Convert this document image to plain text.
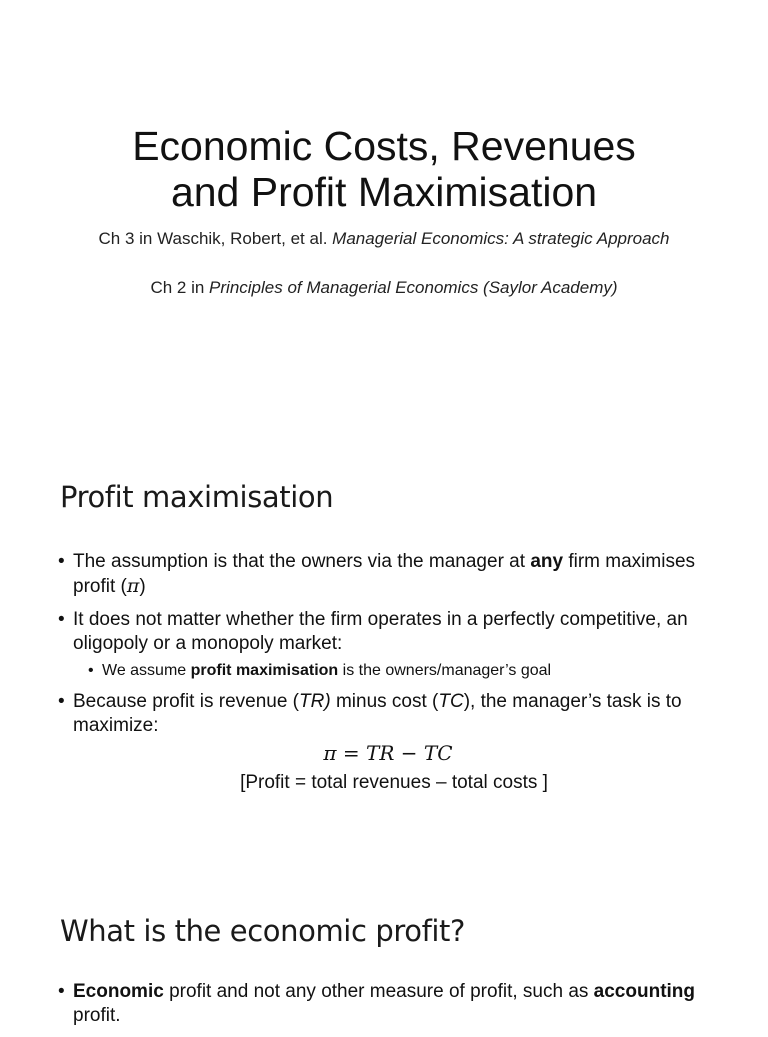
Economic Costs, Revenues
and Profit Maximisation
Ch 3 in Waschik, Robert, et al. Managerial Economics: A strategic Approach
Ch 2 in Principles of Managerial Economics (Saylor Academy)
Profit maximisation
• The assumption is that the owners via the manager at any firm maximises profit (π)
• It does not matter whether the firm operates in a perfectly competitive, an oligopoly or a monopoly market:
• We assume profit maximisation is the owners/manager’s goal
• Because profit is revenue (TR) minus cost (TC), the manager’s task is to maximize:
π = TR − TC
[Profit = total revenues – total costs ]
What is the economic profit?
• Economic profit and not any other measure of profit, such as accounting profit.
